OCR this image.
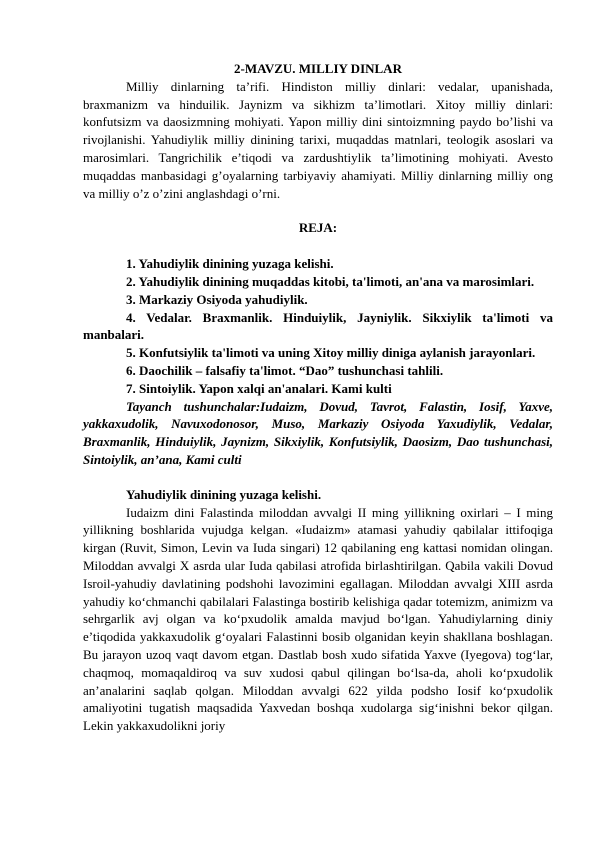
2-MAVZU. MILLIY DINLAR

Milliy dinlarning ta’rifi. Hindiston milliy dinlari: vedalar, upanishada, braxmanizm va hinduilik. Jaynizm va sikhizm ta’limotlari. Xitoy milliy dinlari: konfutsizm va daosizmning mohiyati. Yapon milliy dini sintoizmning paydo bo’lishi va rivojlanishi. Yahudiylik milliy dinining tarixi, muqaddas matnlari, teologik asoslari va marosimlari. Tangrichilik e’tiqodi va zardushtiylik ta’limotining mohiyati. Avesto muqaddas manbasidagi g’oyalarning tarbiyaviy ahamiyati. Milliy dinlarning milliy ong va milliy o’z o’zini anglashdagi o’rni.

REJA:

1. Yahudiylik dinining yuzaga kelishi.

2. Yahudiylik dinining muqaddas kitobi, ta'limoti, an'ana va marosimlari.

3. Markaziy Osiyoda yahudiylik.

4. Vedalar. Braxmanlik. Hinduiylik, Jayniylik. Sikxiylik ta'limoti va manbalari.

5. Konfutsiylik ta'limoti va uning Xitoy milliy diniga aylanish jarayonlari.

6. Daochilik – falsafiy ta'limot. “Dao” tushunchasi tahlili.

7. Sintoiylik. Yapon xalqi an'analari. Kami kulti

Tayanch tushunchalar:Iudaizm, Dovud, Tavrot, Falastin, Iosif, Yaxve, yakkaxudolik, Navuxodonosor, Muso, Markaziy Osiyoda Yaxudiylik, Vedalar, Braxmanlik, Hinduiylik, Jaynizm, Sikxiylik, Konfutsiylik, Daosizm, Dao tushunchasi, Sintoiylik, an’ana, Kami culti

Yahudiylik dinining yuzaga kelishi.

Iudaizm dini Falastinda miloddan avvalgi II ming yillikning oxirlari – I ming yillikning boshlarida vujudga kelgan. «Iudaizm» atamasi yahudiy qabilalar ittifoqiga kirgan (Ruvit, Simon, Levin va Iuda singari) 12 qabilaning eng kattasi nomidan olingan. Miloddan avvalgi X asrda ular Iuda qabilasi atrofida birlashtirilgan. Qabila vakili Dovud Isroil-yahudiy davlatining podshohi lavozimini egallagan. Miloddan avvalgi XIII asrda yahudiy ko‘chmanchi qabilalari Falastinga bostirib kelishiga qadar totemizm, animizm va sehrgarlik avj olgan va ko‘pxudolik amalda mavjud bo‘lgan. Yahudiylarning diniy e’tiqodida yakkaxudolik g‘oyalari Falastinni bosib olganidan keyin shakllana boshlagan. Bu jarayon uzoq vaqt davom etgan. Dastlab bosh xudo sifatida Yaxve (Iyegova) tog‘lar, chaqmoq, momaqaldiroq va suv xudosi qabul qilingan bo‘lsa-da, aholi ko‘pxudolik an’analarini saqlab qolgan. Miloddan avvalgi 622 yilda podsho Iosif ko‘pxudolik amaliyotini tugatish maqsadida Yaxvedan boshqa xudolarga sig‘inishni bekor qilgan. Lekin yakkaxudolikni joriy
